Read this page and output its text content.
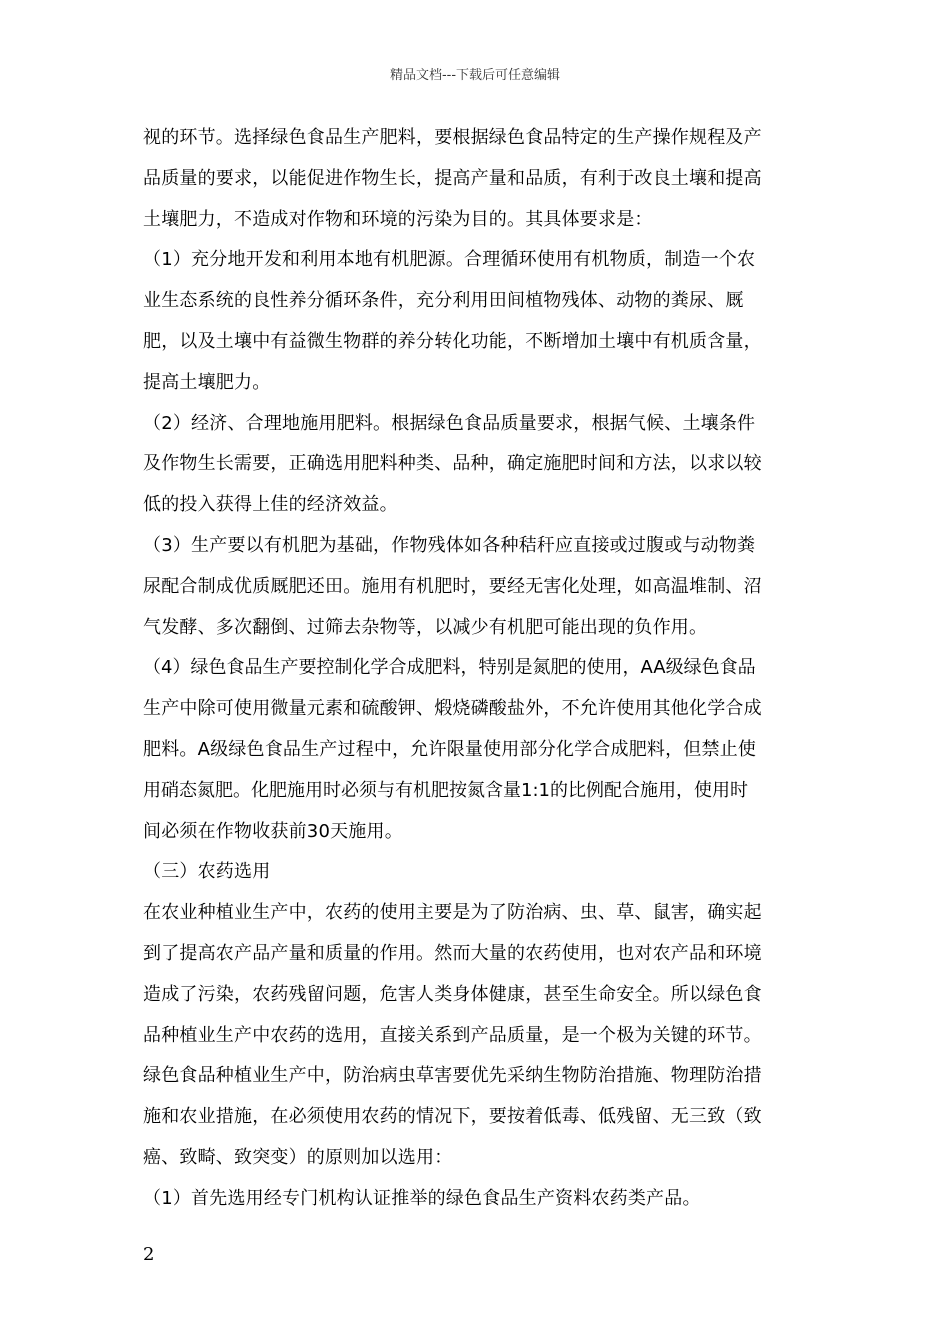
精品文档---下载后可任意编辑
视的环节。选择绿色食品生产肥料，要根据绿色食品特定的生产操作规程及产
品质量的要求，以能促进作物生长，提高产量和品质，有利于改良土壤和提高
土壤肥力，不造成对作物和环境的污染为目的。其具体要求是：
（1）充分地开发和利用本地有机肥源。合理循环使用有机物质，制造一个农
业生态系统的良性养分循环条件，充分利用田间植物残体、动物的粪尿、厩
肥，以及土壤中有益微生物群的养分转化功能，不断增加土壤中有机质含量，
提高土壤肥力。
（2）经济、合理地施用肥料。根据绿色食品质量要求，根据气候、土壤条件
及作物生长需要，正确选用肥料种类、品种，确定施肥时间和方法，以求以较
低的投入获得上佳的经济效益。
（3）生产要以有机肥为基础，作物残体如各种秸秆应直接或过腹或与动物粪
尿配合制成优质厩肥还田。施用有机肥时，要经无害化处理，如高温堆制、沼
气发酵、多次翻倒、过筛去杂物等，以减少有机肥可能出现的负作用。
（4）绿色食品生产要控制化学合成肥料，特别是氮肥的使用，AA级绿色食品
生产中除可使用微量元素和硫酸钾、煅烧磷酸盐外，不允许使用其他化学合成
肥料。A级绿色食品生产过程中，允许限量使用部分化学合成肥料，但禁止使
用硝态氮肥。化肥施用时必须与有机肥按氮含量1:1的比例配合施用，使用时
间必须在作物收获前30天施用。
（三）农药选用
在农业种植业生产中，农药的使用主要是为了防治病、虫、草、鼠害，确实起
到了提高农产品产量和质量的作用。然而大量的农药使用，也对农产品和环境
造成了污染，农药残留问题，危害人类身体健康，甚至生命安全。所以绿色食
品种植业生产中农药的选用，直接关系到产品质量，是一个极为关键的环节。
绿色食品种植业生产中，防治病虫草害要优先采纳生物防治措施、物理防治措
施和农业措施，在必须使用农药的情况下，要按着低毒、低残留、无三致（致
癌、致畸、致突变）的原则加以选用：
（1）首先选用经专门机构认证推举的绿色食品生产资料农药类产品。
2
